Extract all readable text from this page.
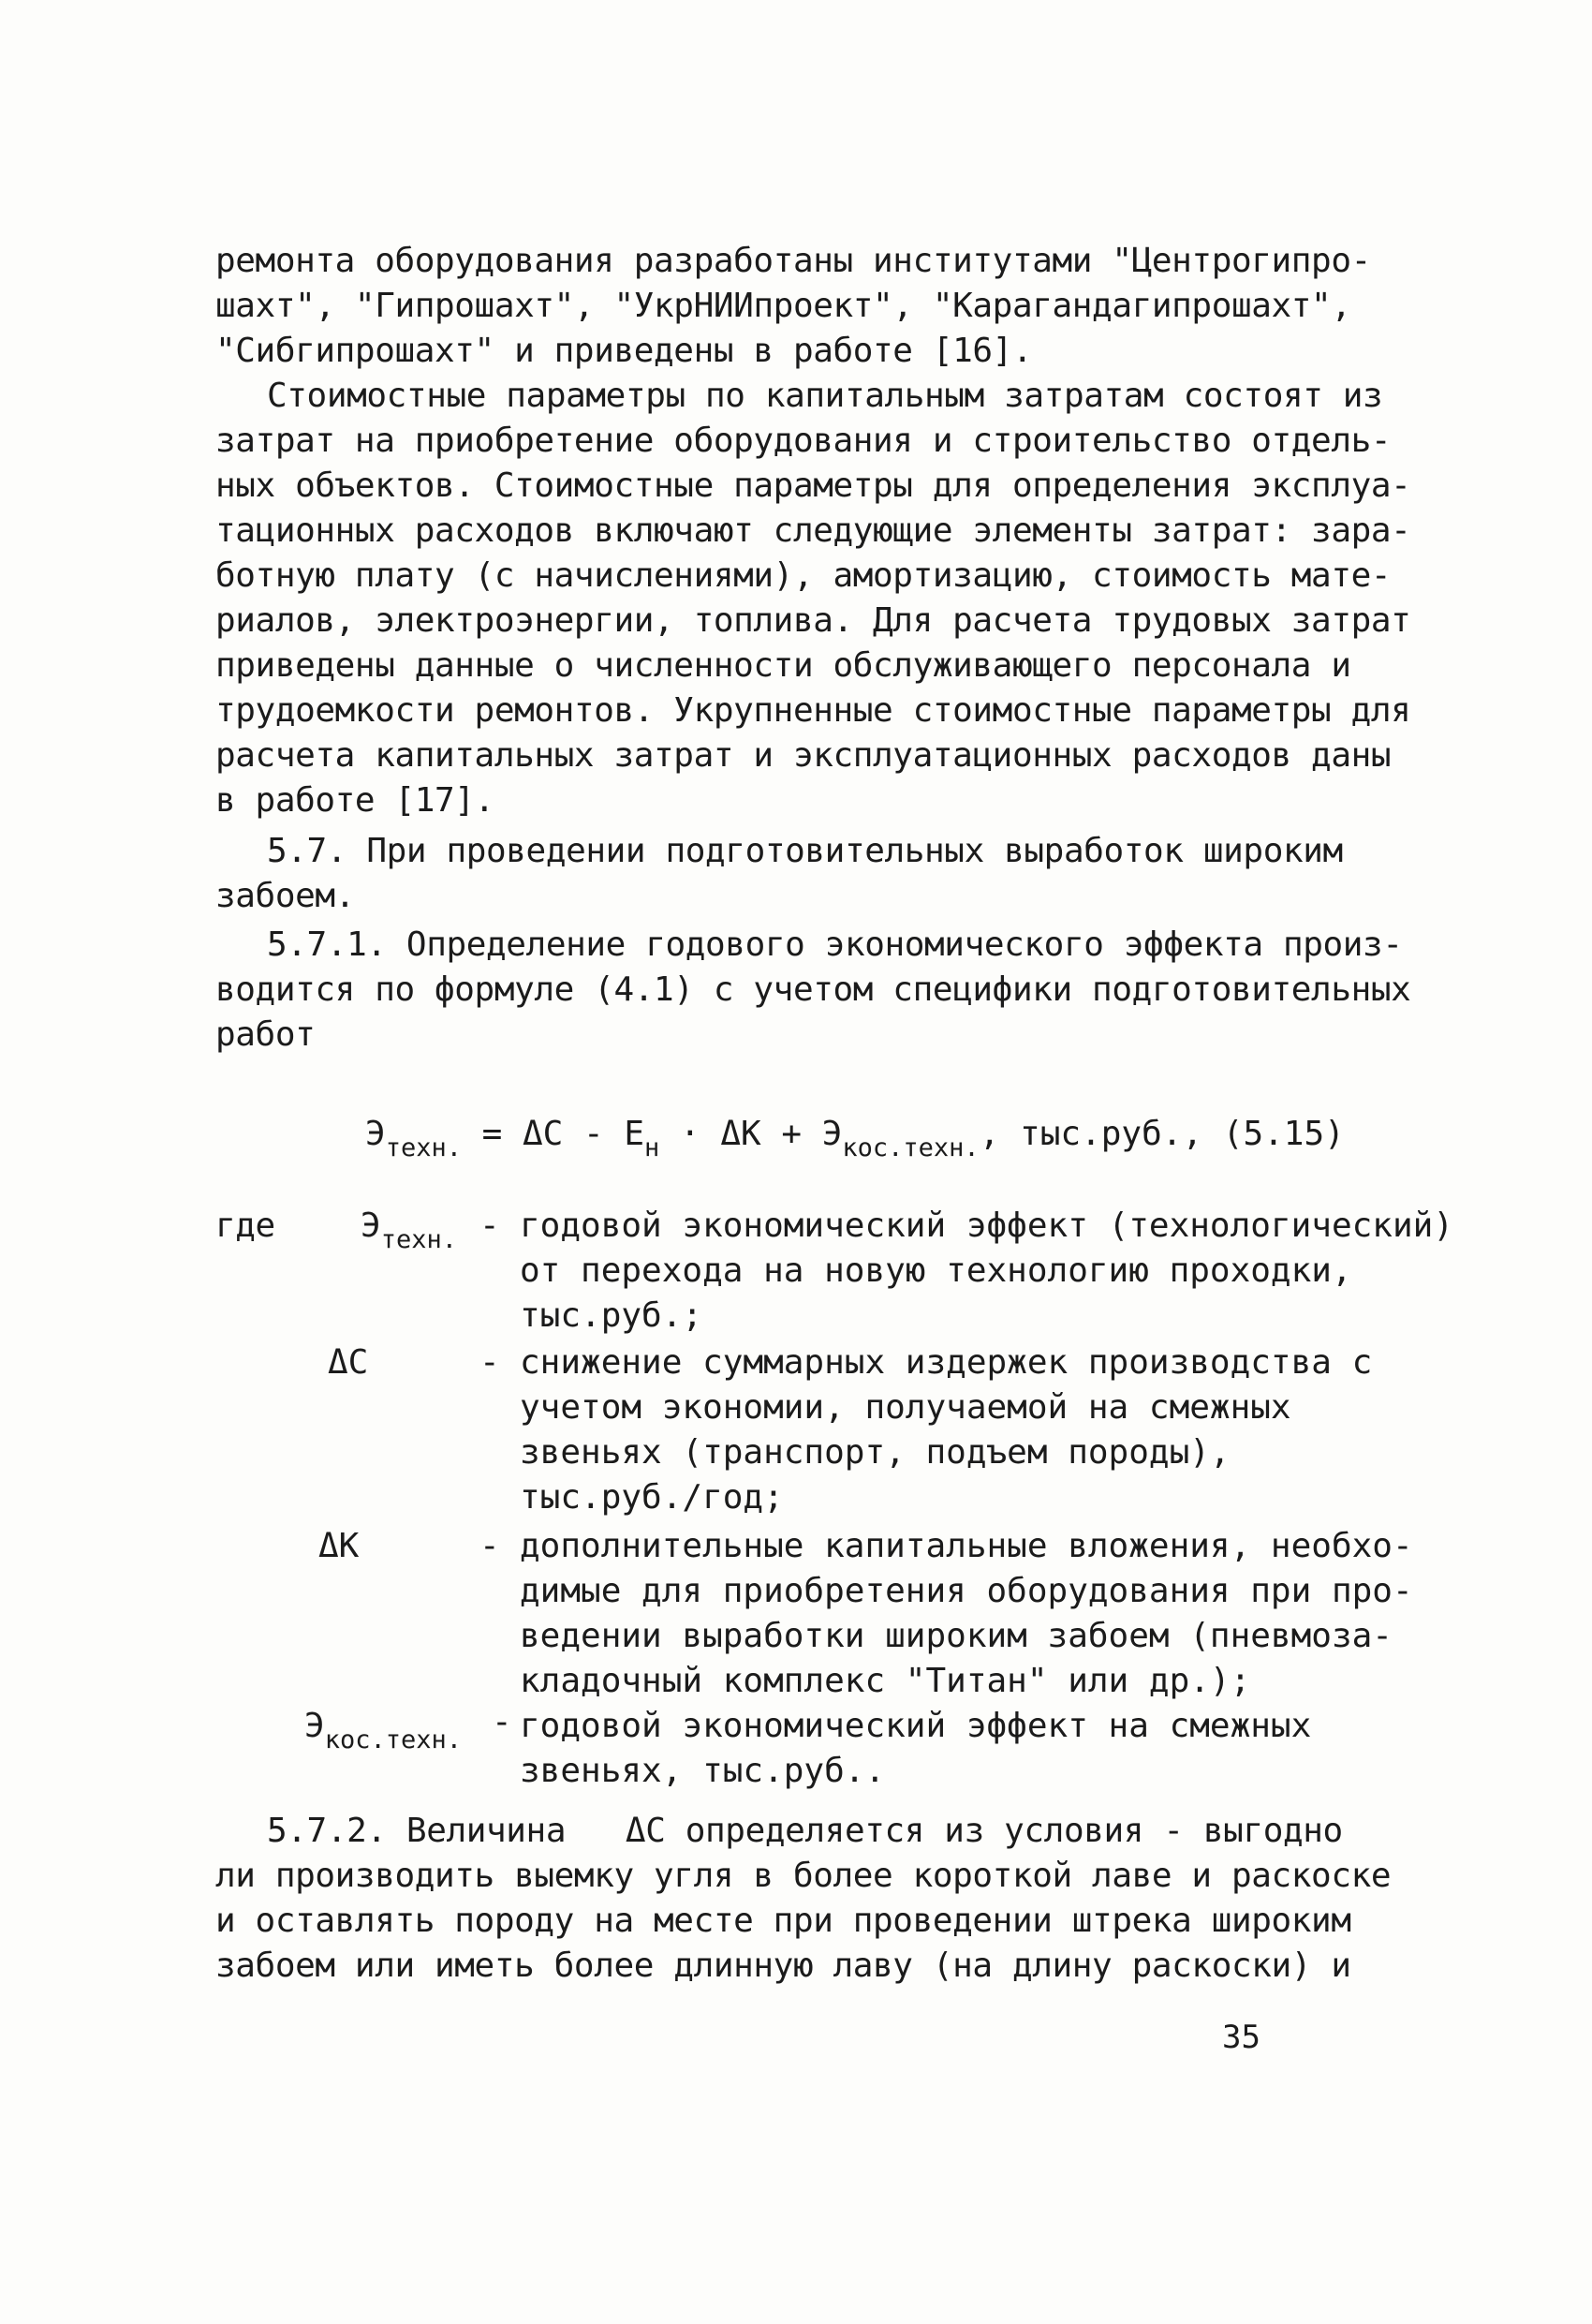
ремонта оборудования разработаны институтами "Центрогипро-
шахт", "Гипрошахт", "УкрНИИпроект", "Карагандагипрошахт",
"Сибгипрошахт" и приведены в работе [16].
Стоимостные параметры по капитальным затратам состоят из
затрат на приобретение оборудования и строительство отдель-
ных объектов. Стоимостные параметры для определения эксплуа-
тационных расходов включают следующие элементы затрат: зара-
ботную плату (с начислениями), амортизацию, стоимость мате-
риалов, электроэнергии, топлива. Для расчета трудовых затрат
приведены данные о численности обслуживающего персонала и
трудоемкости ремонтов. Укрупненные стоимостные параметры для
расчета капитальных затрат и эксплуатационных расходов даны
в работе [17].
5.7. При проведении подготовительных выработок широким
забоем.
5.7.1. Определение годового экономического эффекта произ-
водится по формуле (4.1) с учетом специфики подготовительных
работ
$Э_{техн.} = \Delta С - Е_н \cdot \Delta К + Э_{кос.техн.}$, тыс.руб., (5.15)
где	$Э_{техн.}$ - годовой экономический эффект (технологический)
от перехода на новую технологию проходки,
тыс.руб.;
ΔС	- снижение суммарных издержек производства с
учетом экономии, получаемой на смежных
звеньях (транспорт, подъем породы),
тыс.руб./год;
ΔК	- дополнительные капитальные вложения, необхо-
димые для приобретения оборудования при про-
ведении выработки широким забоем (пневмоза-
кладочный комплекс "Титан" или др.);
$Э_{кос.техн.}$ - годовой экономический эффект на смежных
звеньях, тыс.руб..
5.7.2. Величина   ΔС определяется из условия - выгодно
ли производить выемку угля в более короткой лаве и раскоске
и оставлять породу на месте при проведении штрека широким
забоем или иметь более длинную лаву (на длину раскоски) и
35
